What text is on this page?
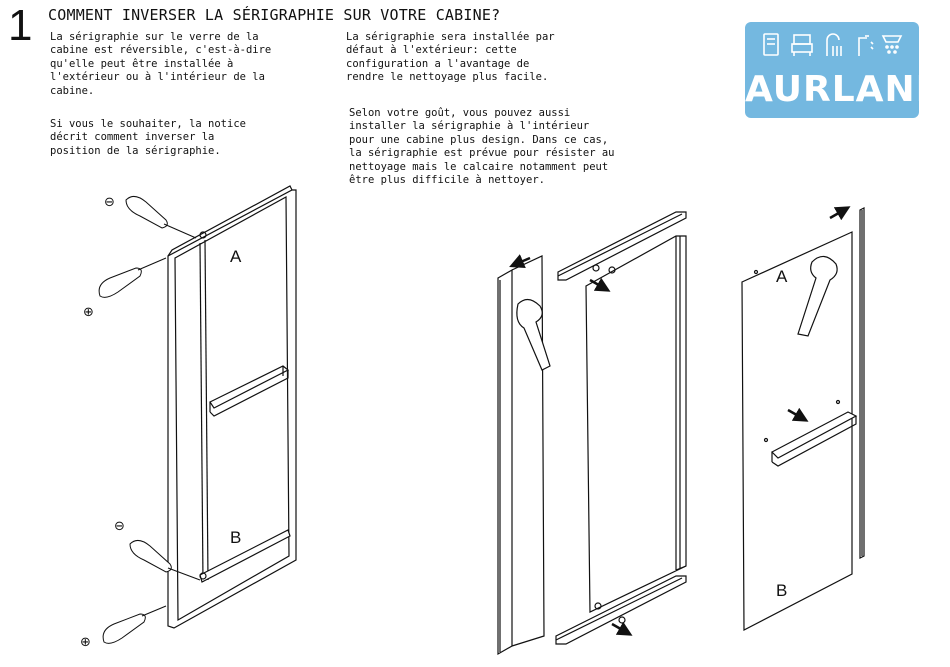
1 COMMENT INVERSER LA SÉRIGRAPHIE SUR VOTRE CABINE?
La sérigraphie sur le verre de la
cabine est réversible, c'est-à-dire
qu'elle peut être installée à
l'extérieur ou à l'intérieur de la
cabine.
Si vous le souhaiter, la notice
décrit comment inverser la
position de la sérigraphie.
La sérigraphie sera installée par
défaut à l'extérieur: cette
configuration a l'avantage de
rendre le nettoyage plus facile.
Selon votre goût, vous pouvez aussi
installer la sérigraphie à l'intérieur
pour une cabine plus design. Dans ce cas,
la sérigraphie est prévue pour résister au
nettoyage mais le calcaire notamment peut
être plus difficile à nettoyer.
AURLANE
A
B
⊖
⊕
⊖
⊕
A
B
